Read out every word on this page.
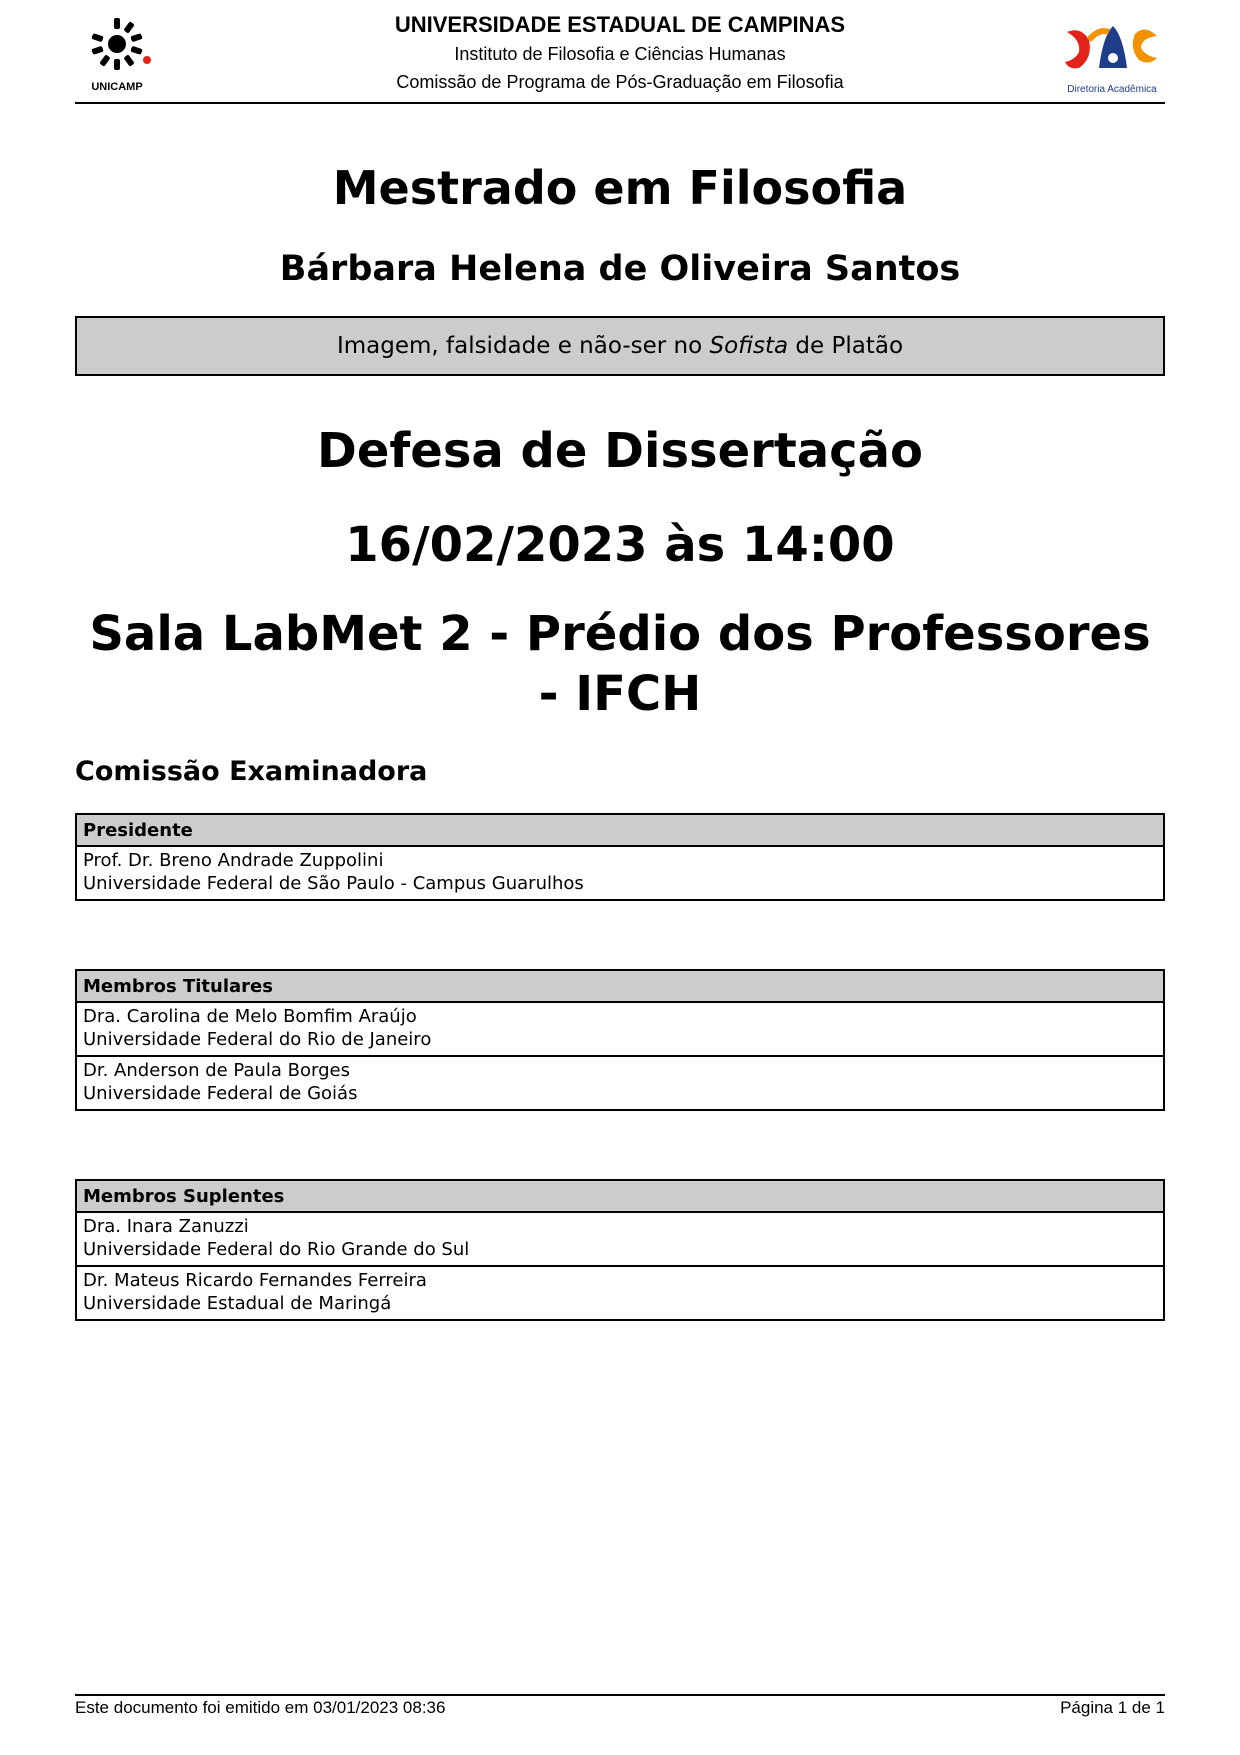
UNICAMP
UNIVERSIDADE ESTADUAL DE CAMPINAS
Instituto de Filosofia e Ciências Humanas
Comissão de Programa de Pós-Graduação em Filosofia	Diretoria Acadêmica
Mestrado em Filosofia
Bárbara Helena de Oliveira Santos
Imagem, falsidade e não-ser no Sofista de Platão
Defesa de Dissertação
16/02/2023 às 14:00
Sala LabMet 2 - Prédio dos Professores - IFCH
Comissão Examinadora
Presidente

Prof. Dr. Breno Andrade Zuppolini
Universidade Federal de São Paulo - Campus Guarulhos
Membros Titulares

Dra. Carolina de Melo Bomfim Araújo
Universidade Federal do Rio de Janeiro

Dr. Anderson de Paula Borges
Universidade Federal de Goiás
Membros Suplentes

Dra. Inara Zanuzzi
Universidade Federal do Rio Grande do Sul

Dr. Mateus Ricardo Fernandes Ferreira
Universidade Estadual de Maringá
Este documento foi emitido em 03/01/2023 08:36	Página 1 de 1
